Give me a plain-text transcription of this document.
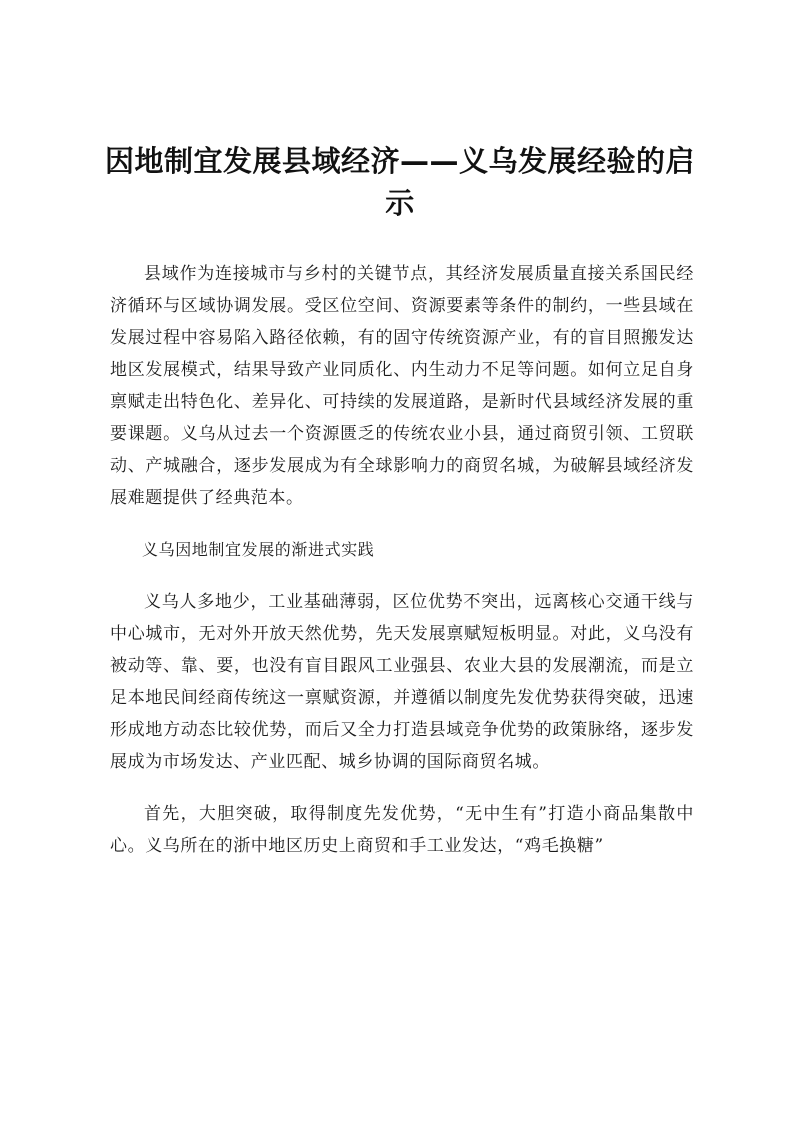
因地制宜发展县域经济——义乌发展经验的启示

县域作为连接城市与乡村的关键节点，其经济发展质量直接关系国民经济循环与区域协调发展。受区位空间、资源要素等条件的制约，一些县域在发展过程中容易陷入路径依赖，有的固守传统资源产业，有的盲目照搬发达地区发展模式，结果导致产业同质化、内生动力不足等问题。如何立足自身禀赋走出特色化、差异化、可持续的发展道路，是新时代县域经济发展的重要课题。义乌从过去一个资源匮乏的传统农业小县，通过商贸引领、工贸联动、产城融合，逐步发展成为有全球影响力的商贸名城，为破解县域经济发展难题提供了经典范本。

义乌因地制宜发展的渐进式实践

义乌人多地少，工业基础薄弱，区位优势不突出，远离核心交通干线与中心城市，无对外开放天然优势，先天发展禀赋短板明显。对此，义乌没有被动等、靠、要，也没有盲目跟风工业强县、农业大县的发展潮流，而是立足本地民间经商传统这一禀赋资源，并遵循以制度先发优势获得突破，迅速形成地方动态比较优势，而后又全力打造县域竞争优势的政策脉络，逐步发展成为市场发达、产业匹配、城乡协调的国际商贸名城。

首先，大胆突破，取得制度先发优势，“无中生有”打造小商品集散中心。义乌所在的浙中地区历史上商贸和手工业发达，“鸡毛换糖”
